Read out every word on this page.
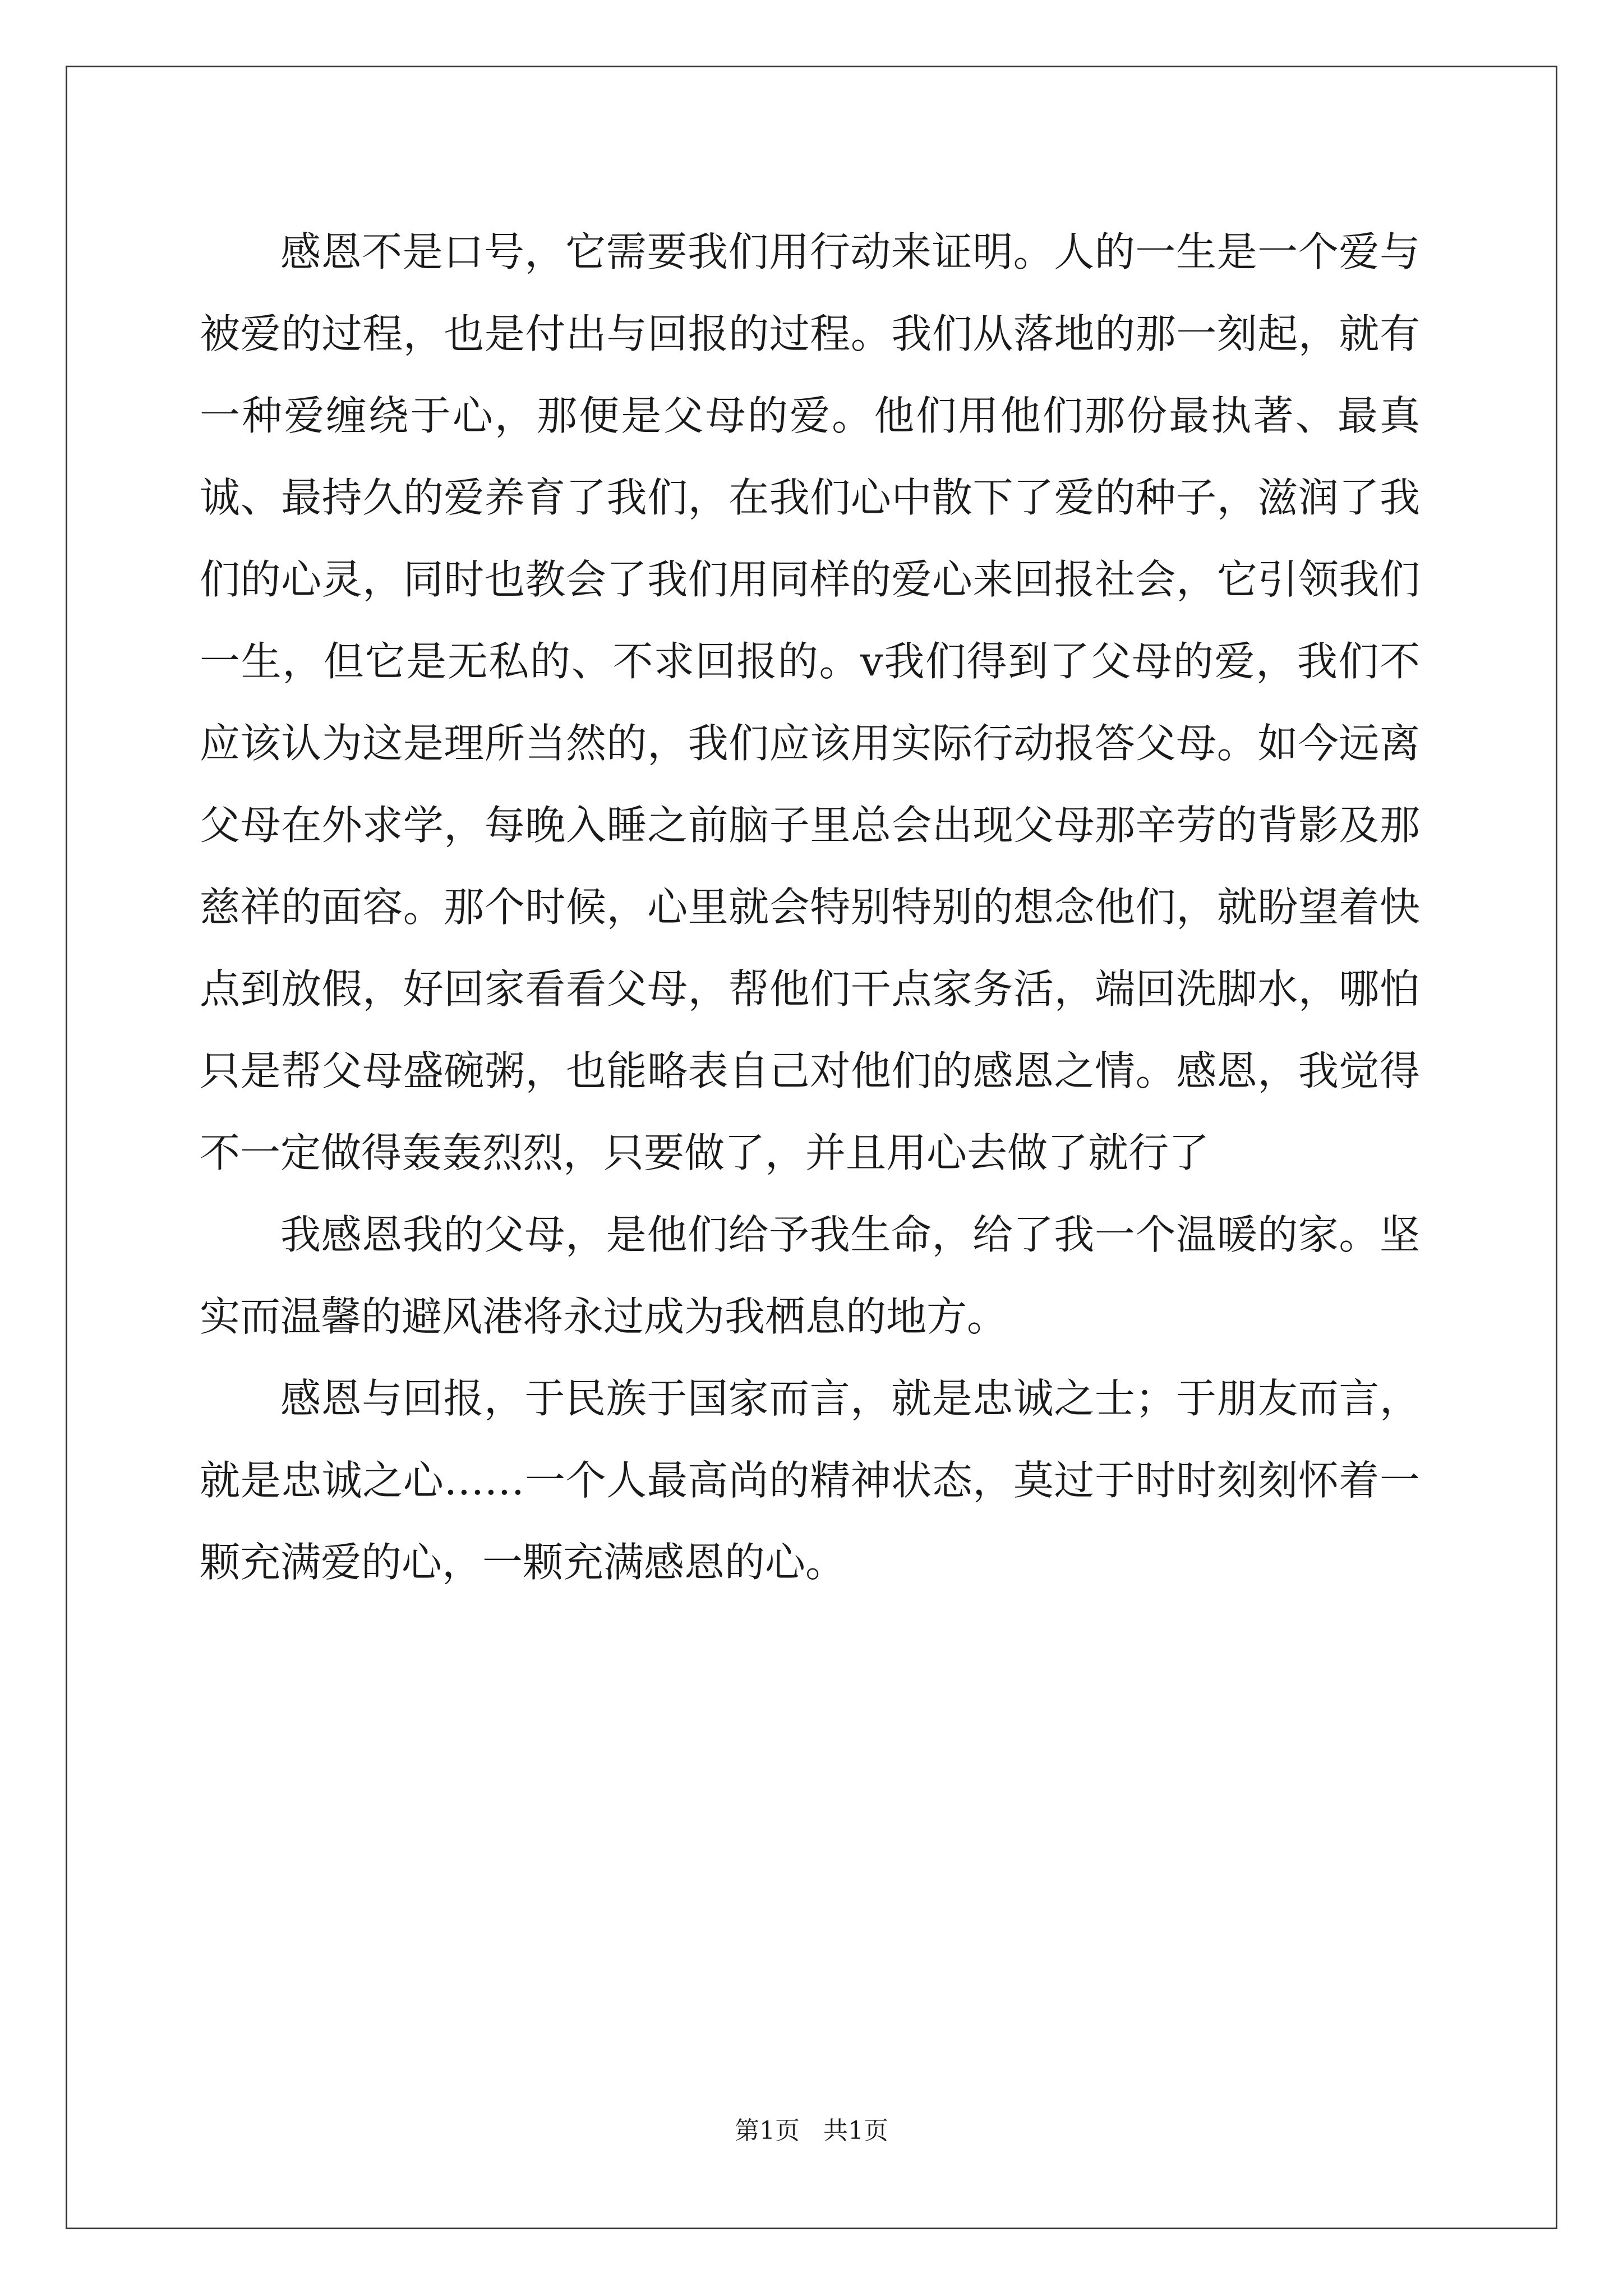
感恩不是口号，它需要我们用行动来证明。人的一生是一个爱与被爱的过程，也是付出与回报的过程。我们从落地的那一刻起，就有一种爱缠绕于心，那便是父母的爱。他们用他们那份最执著、最真诚、最持久的爱养育了我们，在我们心中散下了爱的种子，滋润了我们的心灵，同时也教会了我们用同样的爱心来回报社会，它引领我们一生，但它是无私的、不求回报的。v我们得到了父母的爱，我们不应该认为这是理所当然的，我们应该用实际行动报答父母。如今远离父母在外求学，每晚入睡之前脑子里总会出现父母那辛劳的背影及那慈祥的面容。那个时候，心里就会特别特别的想念他们，就盼望着快点到放假，好回家看看父母，帮他们干点家务活，端回洗脚水，哪怕只是帮父母盛碗粥，也能略表自己对他们的感恩之情。感恩，我觉得不一定做得轰轰烈烈，只要做了，并且用心去做了就行了

我感恩我的父母，是他们给予我生命，给了我一个温暖的家。坚实而温馨的避风港将永过成为我栖息的地方。

感恩与回报，于民族于国家而言，就是忠诚之士；于朋友而言，就是忠诚之心……一个人最高尚的精神状态，莫过于时时刻刻怀着一颗充满爱的心，一颗充满感恩的心。

第1页 共1页
